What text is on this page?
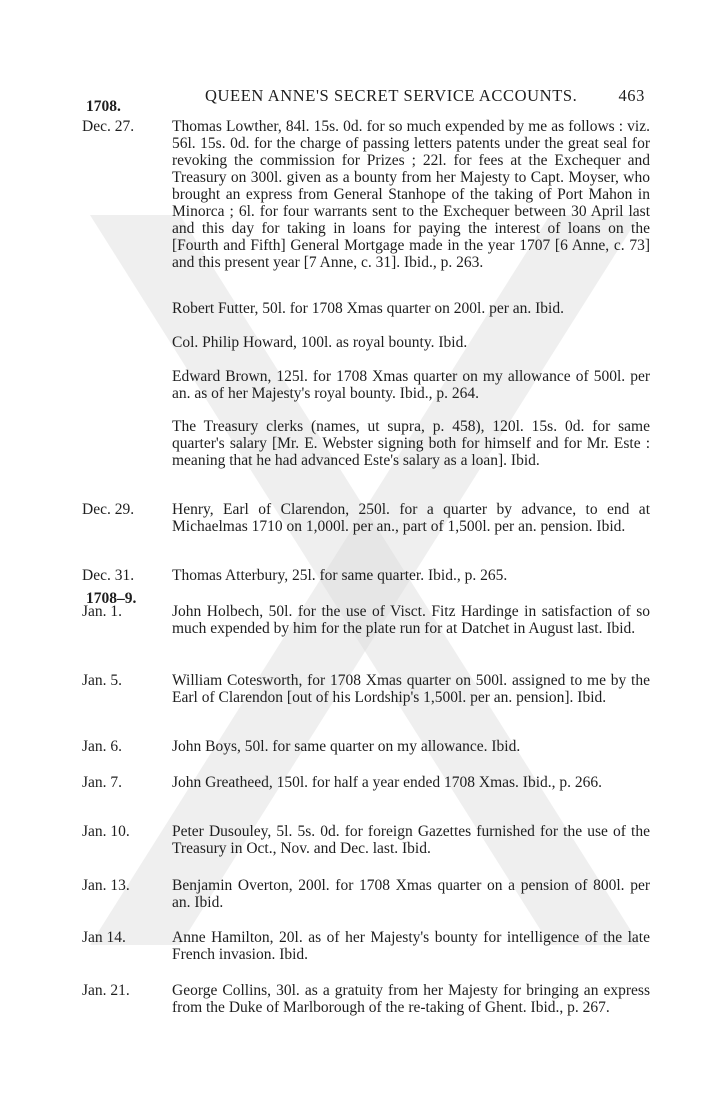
QUEEN ANNE'S SECRET SERVICE ACCOUNTS. 463
1708.
1708–9.
Dec. 27. Thomas Lowther, 84l. 15s. 0d. for so much expended by me as follows : viz. 56l. 15s. 0d. for the charge of passing letters patents under the great seal for revoking the commission for Prizes ; 22l. for fees at the Exchequer and Treasury on 300l. given as a bounty from her Majesty to Capt. Moyser, who brought an express from General Stanhope of the taking of Port Mahon in Minorca ; 6l. for four warrants sent to the Exchequer between 30 April last and this day for taking in loans for paying the interest of loans on the [Fourth and Fifth] General Mortgage made in the year 1707 [6 Anne, c. 73] and this present year [7 Anne, c. 31]. Ibid., p. 263.
Robert Futter, 50l. for 1708 Xmas quarter on 200l. per an. Ibid.
Col. Philip Howard, 100l. as royal bounty. Ibid.
Edward Brown, 125l. for 1708 Xmas quarter on my allowance of 500l. per an. as of her Majesty's royal bounty. Ibid., p. 264.
The Treasury clerks (names, ut supra, p. 458), 120l. 15s. 0d. for same quarter's salary [Mr. E. Webster signing both for himself and for Mr. Este : meaning that he had advanced Este's salary as a loan]. Ibid.
Dec. 29. Henry, Earl of Clarendon, 250l. for a quarter by advance, to end at Michaelmas 1710 on 1,000l. per an., part of 1,500l. per an. pension. Ibid.
Dec. 31. Thomas Atterbury, 25l. for same quarter. Ibid., p. 265.
Jan. 1.	John Holbech, 50l. for the use of Visct. Fitz Hardinge in satisfaction of so much expended by him for the plate run for at Datchet in August last. Ibid.
Jan. 5.	William Cotesworth, for 1708 Xmas quarter on 500l. assigned to me by the Earl of Clarendon [out of his Lordship's 1,500l. per an. pension]. Ibid.
Jan. 6.	John Boys, 50l. for same quarter on my allowance. Ibid.
Jan. 7.	John Greatheed, 150l. for half a year ended 1708 Xmas. Ibid., p. 266.
Jan. 10.	Peter Dusouley, 5l. 5s. 0d. for foreign Gazettes furnished for the use of the Treasury in Oct., Nov. and Dec. last. Ibid.
Jan. 13.	Benjamin Overton, 200l. for 1708 Xmas quarter on a pension of 800l. per an. Ibid.
Jan 14.	Anne Hamilton, 20l. as of her Majesty's bounty for intelligence of the late French invasion. Ibid.
Jan. 21.	George Collins, 30l. as a gratuity from her Majesty for bringing an express from the Duke of Marlborough of the re-taking of Ghent. Ibid., p. 267.
